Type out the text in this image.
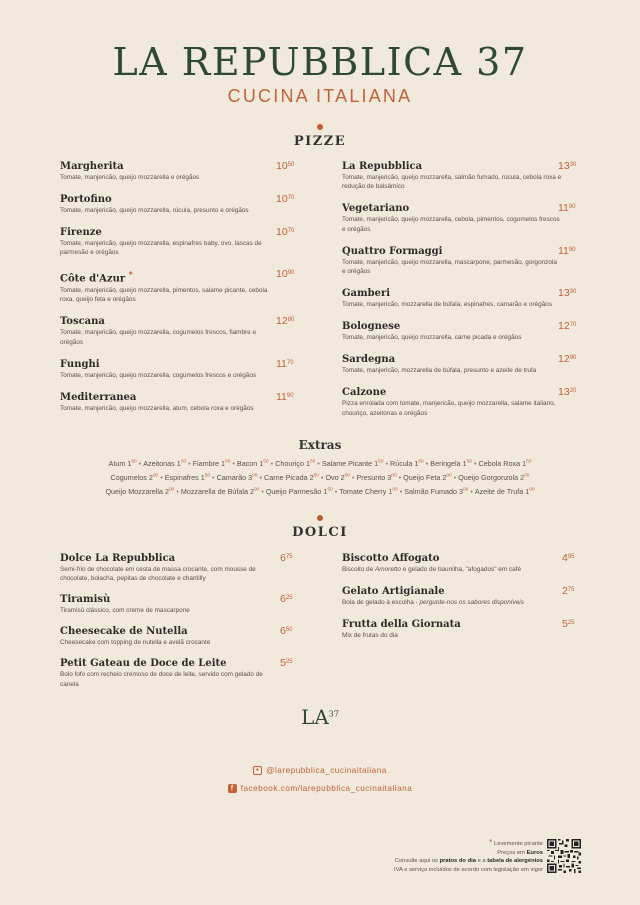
LA REPUBBLICA 37
CUCINA ITALIANA
PIZZE
Margherita
Tomate, manjericão, queijo mozzarella e orégãos
$10^{50}$
Portofino
Tomate, manjericão, queijo mozzarella, rúcula, presunto e orégãos
$10^{70}$
Firenze
Tomate, manjericão, queijo mozzarella, espinafres baby, ovo, lascas de parmesão e orégãos
$10^{70}$
Côte d'Azur *
Tomate, manjericão, queijo mozzarella, pimentos, salame picante, cebola roxa, queijo feta e orégãos
$10^{90}$
Toscana
Tomate, manjericão, queijo mozzarella, cogumelos frescos, fiambre e orégãos
$12^{80}$
Funghi
Tomate, manjericão, queijo mozzarella, cogumelos frescos e orégãos
$11^{70}$
Mediterranea
Tomate, manjericão, queijo mozzarella, atum, cebola roxa e orégãos
$11^{90}$
La Repubblica
Tomate, manjericão, queijo mozzarella, salmão fumado, rúcula, cebola roxa e redução de balsâmico
$13^{30}$
Vegetariano
Tomate, manjericão, queijo mozzarella, cebola, pimentos, cogumelos frescos e orégãos
$11^{90}$
Quattro Formaggi
Tomate, manjericão, queijo mozzarella, mascarpone, parmesão, gorgonzola e orégãos
$11^{90}$
Gamberi
Tomate, manjericão, mozzarella de búfala, espinafres, camarão e orégãos
$13^{30}$
Bolognese
Tomate, manjericão, queijo mozzarella, carne picada e orégãos
$12^{70}$
Sardegna
Tomate, manjericão, mozzarella de búfala, presunto e azeite de trufa
$12^{90}$
Calzone
Pizza enrolada com tomate, manjericão, queijo mozzarella, salame italiano, chouriço, azeitonas e orégãos
$13^{20}$
Extras
Atum $1^{50}$ • Azeitonas $1^{00}$ • Fiambre $1^{00}$ • Bacon $1^{50}$ • Chouriço $1^{50}$ • Salame Picante $1^{50}$ • Rúcula $1^{50}$ • Beringela $1^{50}$ • Cebola Roxa $1^{50}$
Cogumelos $2^{00}$ • Espinafres $1^{50}$ • Camarão $3^{00}$ • Carne Picada $2^{50}$ • Ovo $2^{00}$ • Presunto $3^{00}$ • Queijo Feta $2^{00}$ • Queijo Gorgonzola $2^{00}$
Queijo Mozzarella $2^{00}$ • Mozzarella de Búfala $2^{00}$ • Queijo Parmesão $1^{50}$ • Tomate Cherry $1^{00}$ • Salmão Fumado $3^{00}$ • Azeite de Trufa $1^{00}$
DOLCI
Dolce La Repubblica
Semi-frio de chocolate em cesta de massa crocante, com mousse de chocolate, bolacha, pepitas de chocolate e chantilly
$6^{75}$
Tiramisù
Tiramisù clássico, com creme de mascarpone
$6^{25}$
Cheesecake de Nutella
Cheesecake com topping de nutella e avelã crocante
$6^{50}$
Petit Gateau de Doce de Leite
Bolo fofo com recheio cremoso de doce de leite, servido com gelado de canela
$5^{25}$
Biscotto Affogato
Biscoito de Amoretto e gelado de baunilha, "afogados" em café
$4^{95}$
Gelato Artigianale
Bola de gelado à escolha - pergunte-nos os sabores disponíveis
$2^{75}$
Frutta della Giornata
Mix de frutas do dia
$5^{25}$
LA$^{37}$
● @larepubblica_cucinaitaliana
f facebook.com/larepubblica_cucinaitaliana
* Levemente picante
Preços em Euros
Consulte aqui os pratos do dia e a tabela de alergénios
IVA e serviço incluídos de acordo com legislação em vigor
